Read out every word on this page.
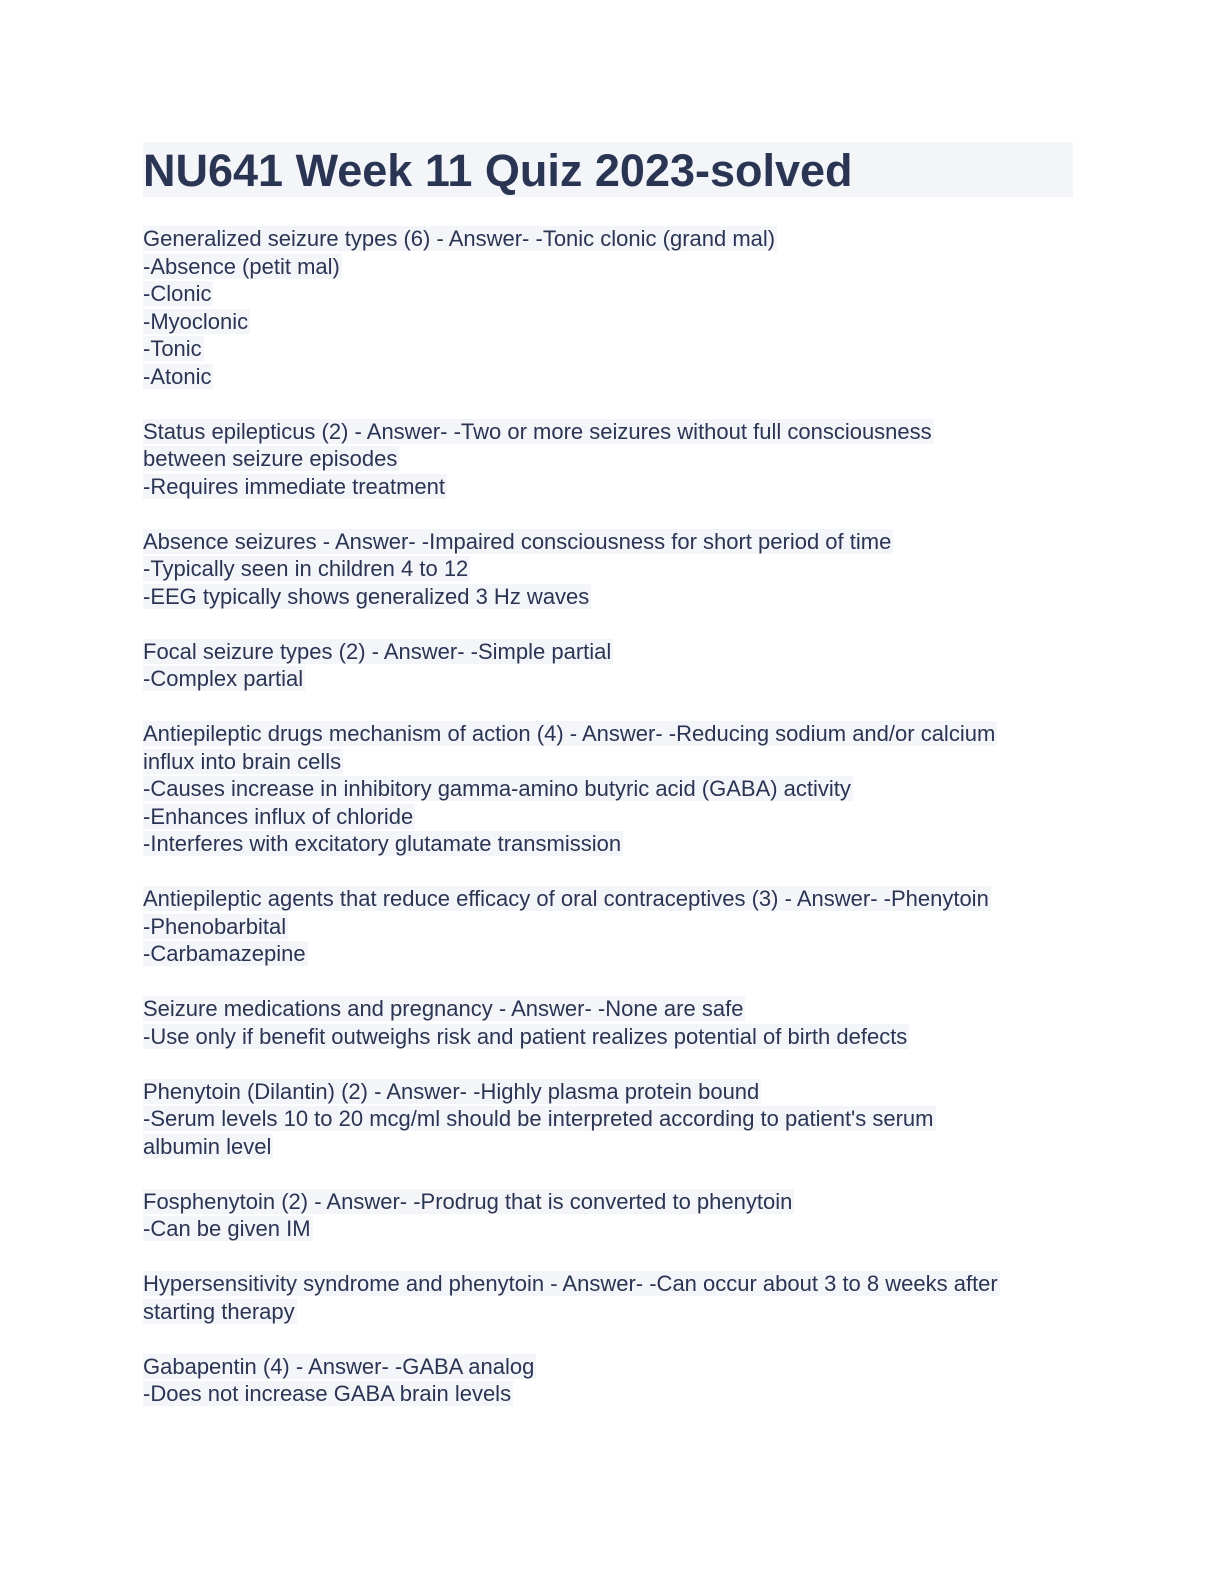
NU641 Week 11 Quiz 2023-solved
Generalized seizure types (6) - Answer- -Tonic clonic (grand mal)
-Absence (petit mal)
-Clonic
-Myoclonic
-Tonic
-Atonic
Status epilepticus (2) - Answer- -Two or more seizures without full consciousness
between seizure episodes
-Requires immediate treatment
Absence seizures - Answer- -Impaired consciousness for short period of time
-Typically seen in children 4 to 12
-EEG typically shows generalized 3 Hz waves
Focal seizure types (2) - Answer- -Simple partial
-Complex partial
Antiepileptic drugs mechanism of action (4) - Answer- -Reducing sodium and/or calcium
influx into brain cells
-Causes increase in inhibitory gamma-amino butyric acid (GABA) activity
-Enhances influx of chloride
-Interferes with excitatory glutamate transmission
Antiepileptic agents that reduce efficacy of oral contraceptives (3) - Answer- -Phenytoin
-Phenobarbital
-Carbamazepine
Seizure medications and pregnancy - Answer- -None are safe
-Use only if benefit outweighs risk and patient realizes potential of birth defects
Phenytoin (Dilantin) (2) - Answer- -Highly plasma protein bound
-Serum levels 10 to 20 mcg/ml should be interpreted according to patient's serum
albumin level
Fosphenytoin (2) - Answer- -Prodrug that is converted to phenytoin
-Can be given IM
Hypersensitivity syndrome and phenytoin - Answer- -Can occur about 3 to 8 weeks after
starting therapy
Gabapentin (4) - Answer- -GABA analog
-Does not increase GABA brain levels
